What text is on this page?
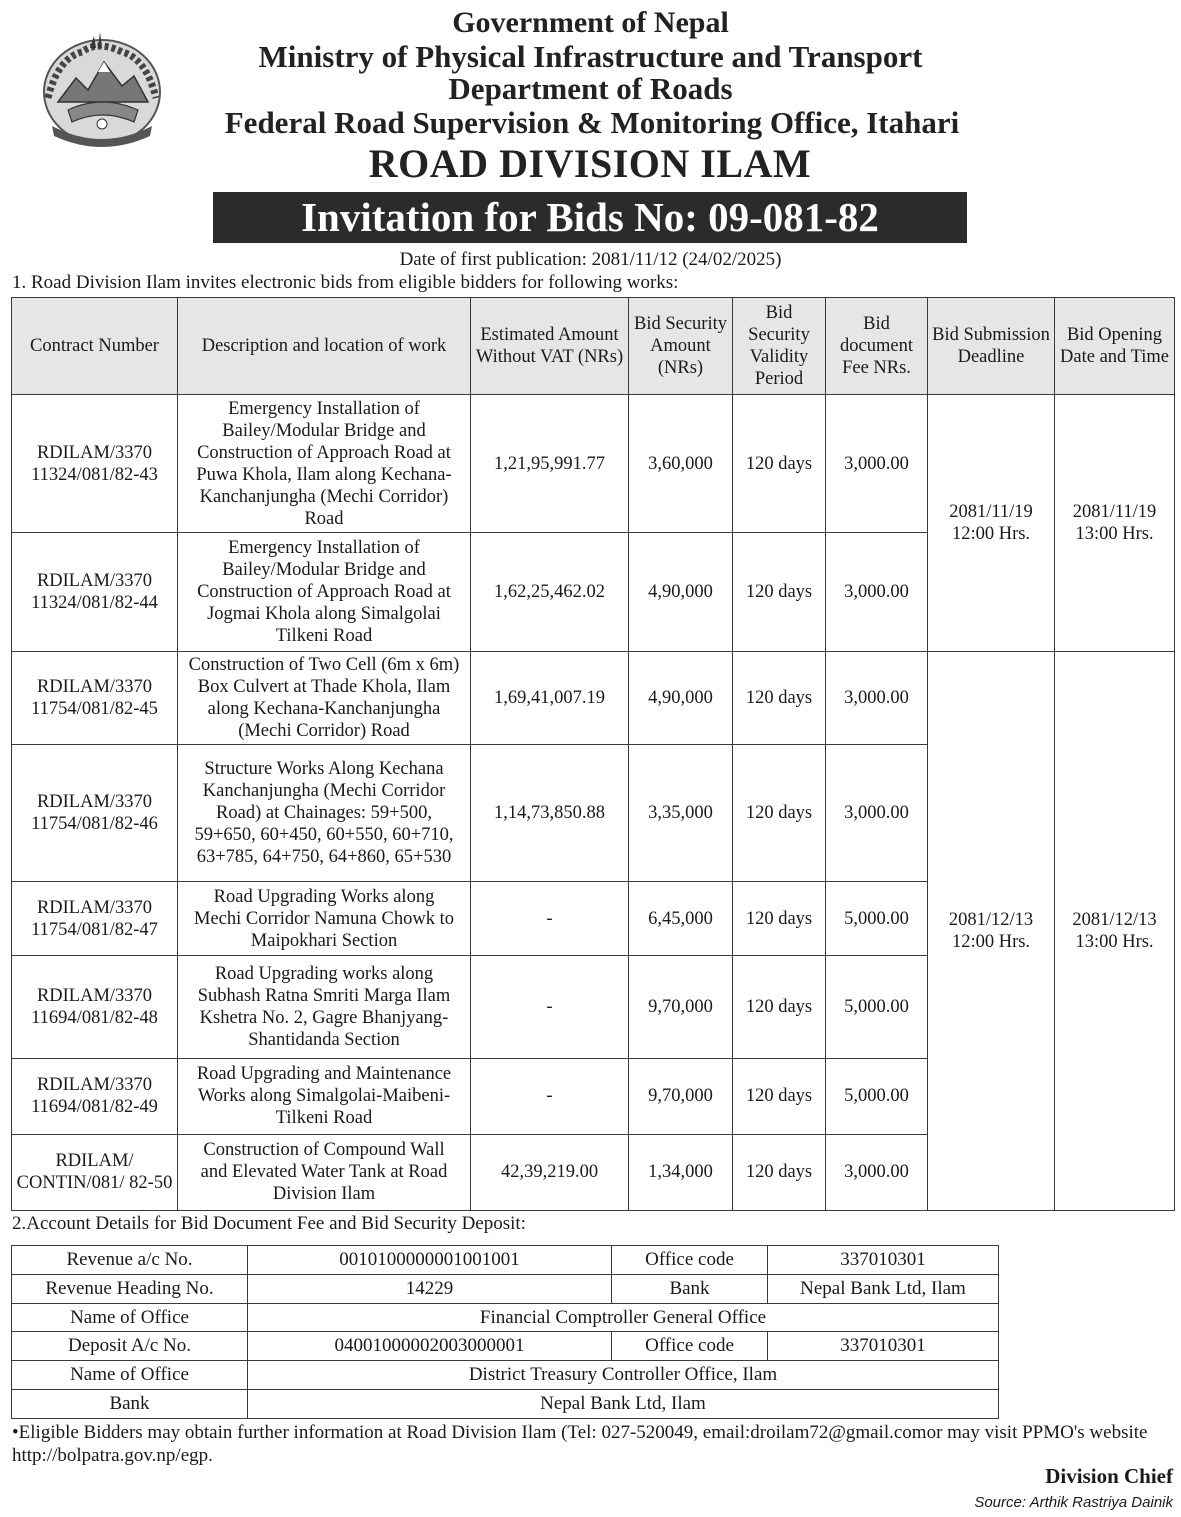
Government of Nepal
Ministry of Physical Infrastructure and Transport
Department of Roads
Federal Road Supervision & Monitoring Office, Itahari
ROAD DIVISION ILAM
Invitation for Bids No: 09-081-82
Date of first publication: 2081/11/12 (24/02/2025)
1. Road Division Ilam invites electronic bids from eligible bidders for following works:
Contract Number	Description and location of work	Estimated Amount Without VAT (NRs)	Bid Security Amount (NRs)	Bid Security Validity Period	Bid document Fee NRs.	Bid Submission Deadline	Bid Opening Date and Time
RDILAM/3370 11324/081/82-43	Emergency Installation of Bailey/Modular Bridge and Construction of Approach Road at Puwa Khola, Ilam along Kechana-Kanchanjungha (Mechi Corridor) Road	1,21,95,991.77	3,60,000	120 days	3,000.00	2081/11/19 12:00 Hrs.	2081/11/19 13:00 Hrs.
RDILAM/3370 11324/081/82-44	Emergency Installation of Bailey/Modular Bridge and Construction of Approach Road at Jogmai Khola along Simalgolai Tilkeni Road	1,62,25,462.02	4,90,000	120 days	3,000.00		
RDILAM/3370 11754/081/82-45	Construction of Two Cell (6m x 6m) Box Culvert at Thade Khola, Ilam along Kechana-Kanchanjungha (Mechi Corridor) Road	1,69,41,007.19	4,90,000	120 days	3,000.00	2081/12/13 12:00 Hrs.	2081/12/13 13:00 Hrs.
RDILAM/3370 11754/081/82-46	Structure Works Along Kechana Kanchanjungha (Mechi Corridor Road) at Chainages: 59+500, 59+650, 60+450, 60+550, 60+710, 63+785, 64+750, 64+860, 65+530	1,14,73,850.88	3,35,000	120 days	3,000.00		
RDILAM/3370 11754/081/82-47	Road Upgrading Works along Mechi Corridor Namuna Chowk to Maipokhari Section	-	6,45,000	120 days	5,000.00		
RDILAM/3370 11694/081/82-48	Road Upgrading works along Subhash Ratna Smriti Marga Ilam Kshetra No. 2, Gagre Bhanjyang- Shantidanda Section	-	9,70,000	120 days	5,000.00		
RDILAM/3370 11694/081/82-49	Road Upgrading and Maintenance Works along Simalgolai-Maibeni-Tilkeni Road	-	9,70,000	120 days	5,000.00		
RDILAM/ CONTIN/081/ 82-50	Construction of Compound Wall and Elevated Water Tank at Road Division Ilam	42,39,219.00	1,34,000	120 days	3,000.00		
2.Account Details for Bid Document Fee and Bid Security Deposit:
Revenue a/c No.	0010100000001001001	Office code	337010301
Revenue Heading No.	14229	Bank	Nepal Bank Ltd, Ilam
Name of Office	Financial Comptroller General Office		
Deposit A/c No.	04001000002003000001	Office code	337010301
Name of Office	District Treasury Controller Office, Ilam		
Bank	Nepal Bank Ltd, Ilam		
•Eligible Bidders may obtain further information at Road Division Ilam (Tel: 027-520049, email:droilam72@gmail.comor may visit PPMO's website http://bolpatra.gov.np/egp.
Division Chief
Source: Arthik Rastriya Dainik
